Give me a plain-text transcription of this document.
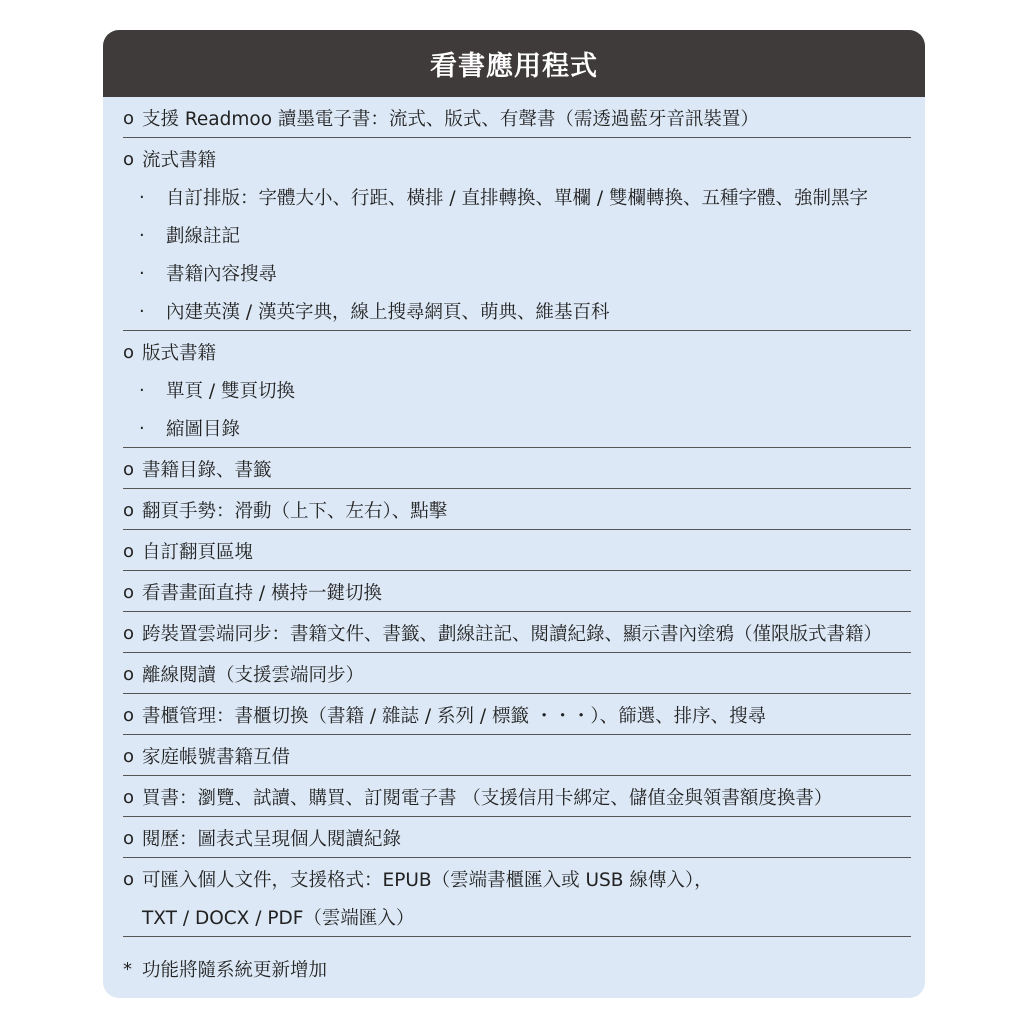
看書應用程式
o 支援 Readmoo 讀墨電子書：流式、版式、有聲書（需透過藍牙音訊裝置）
o 流式書籍
·	自訂排版：字體大小、行距、橫排 / 直排轉換、單欄 / 雙欄轉換、五種字體、強制黑字
·	劃線註記
·	書籍內容搜尋
·	內建英漢 / 漢英字典，線上搜尋網頁、萌典、維基百科
o 版式書籍
·	單頁 / 雙頁切換
·	縮圖目錄
o 書籍目錄、書籤
o 翻頁手勢：滑動（上下、左右）、點擊
o 自訂翻頁區塊
o 看書畫面直持 / 橫持一鍵切換
o 跨裝置雲端同步：書籍文件、書籤、劃線註記、閱讀紀錄、顯示書內塗鴉（僅限版式書籍）
o 離線閱讀（支援雲端同步）
o 書櫃管理：書櫃切換（書籍 / 雜誌 / 系列 / 標籤 ・・・）、篩選、排序、搜尋
o 家庭帳號書籍互借
o 買書：瀏覽、試讀、購買、訂閱電子書 （支援信用卡綁定、儲值金與領書額度換書）
o 閱歷：圖表式呈現個人閱讀紀錄
o 可匯入個人文件，支援格式：EPUB（雲端書櫃匯入或 USB 線傳入），
TXT / DOCX / PDF（雲端匯入）
* 功能將隨系統更新增加
